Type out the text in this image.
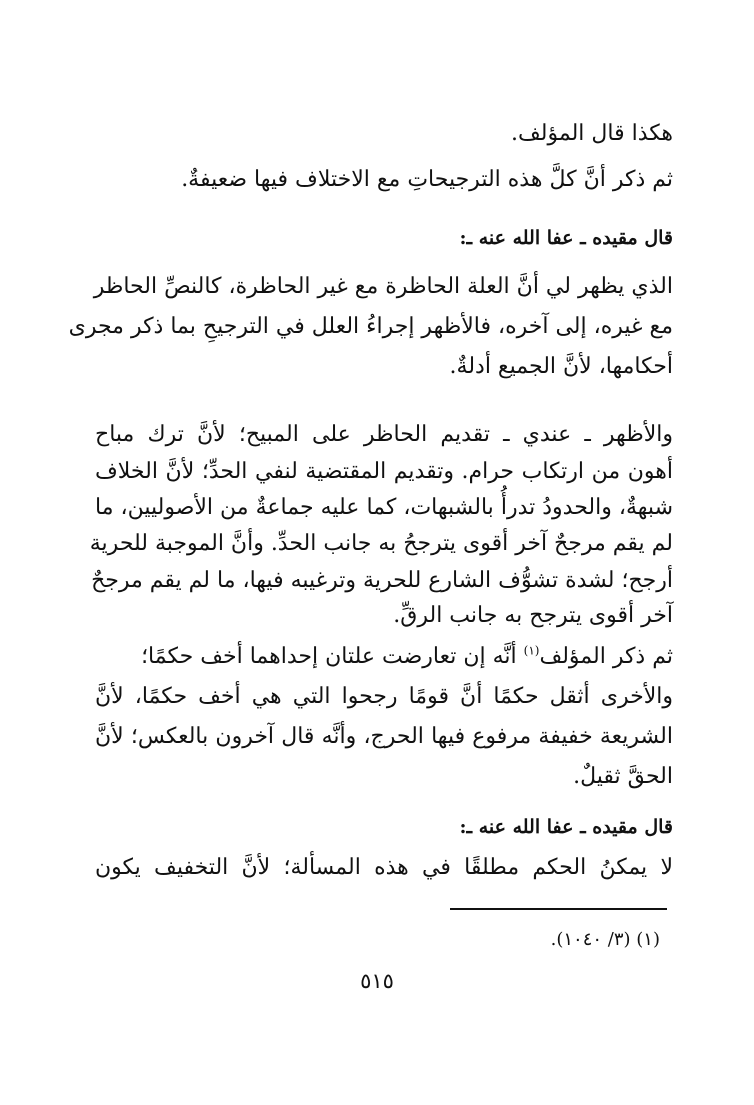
هكذا قال المؤلف.
ثم ذكر أنَّ كلَّ هذه الترجيحاتِ مع الاختلاف فيها ضعيفةٌ.
قال مقيده ـ عفا الله عنه ـ:
الذي يظهر لي أنَّ العلة الحاظرة مع غير الحاظرة، كالنصِّ الحاظر
مع غيره، إلى آخره، فالأظهر إجراءُ العلل في الترجيحِ بما ذكر مجرى
أحكامها، لأنَّ الجميع أدلةٌ.
والأظهر ـ عندي ـ تقديم الحاظر على المبيح؛ لأنَّ ترك مباح
أهون من ارتكاب حرام. وتقديم المقتضية لنفي الحدِّ؛ لأنَّ الخلاف
شبهةٌ، والحدودُ تدرأُ بالشبهات، كما عليه جماعةٌ من الأصوليين، ما
لم يقم مرجحٌ آخر أقوى يترجحُ به جانب الحدِّ. وأنَّ الموجبة للحرية
أرجح؛ لشدة تشوُّف الشارع للحرية وترغيبه فيها، ما لم يقم مرجحٌ
آخر أقوى يترجح به جانب الرقِّ.
ثم ذكر المؤلف$^{(١)}$ أنَّه إن تعارضت علتان إحداهما أخف حكمًا؛
والأخرى أثقل حكمًا أنَّ قومًا رجحوا التي هي أخف حكمًا، لأنَّ
الشريعة خفيفة مرفوع فيها الحرج، وأنَّه قال آخرون بالعكس؛ لأنَّ
الحقَّ ثقيلٌ.
قال مقيده ـ عفا الله عنه ـ:
لا يمكنُ الحكم مطلقًا في هذه المسألة؛ لأنَّ التخفيف يكون
(١) (٣/ ١٠٤٠).
٥١٥
